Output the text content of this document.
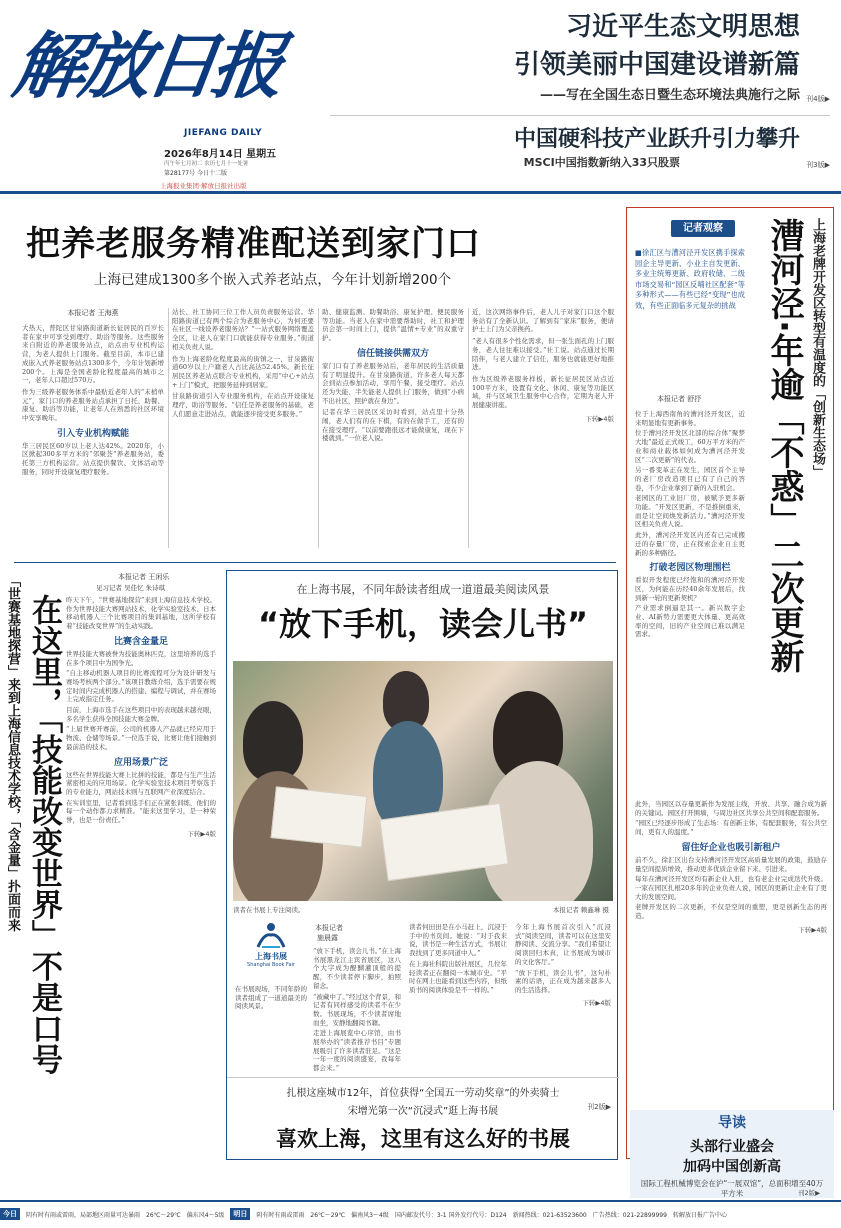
解放日报
JIEFANG DAILY
2026年8月14日 星期五
丙午年七月初二 农历七月十一处暑
第28177号 今日十二版
上海报业集团·解放日报社出版
习近平生态文明思想
引领美丽中国建设谱新篇
——写在全国生态日暨生态环境法典施行之际 刊4版▶
中国硬科技产业跃升引力攀升
MSCI中国指数新纳入33只股票	刊3版▶
把养老服务精准配送到家门口
上海已建成1300多个嵌入式养老站点，今年计划新增200个
本报记者 王海燕
大热天，普陀区甘泉路街道新长征居民的百岁长者在家中可享受到理疗、助浴等服务。这些服务来自附近的养老服务站点，站点由专业机构运营，为老人提供上门服务。截至目前，本市已建成嵌入式养老服务站点1300多个，今年计划新增200个。上海是全国老龄化程度最高的城市之一，老年人口超过570万。
作为三级养老服务体系中最贴近老年人的“末梢单元”，家门口的养老服务站点承担了日托、助餐、康复、助浴等功能，让老年人在熟悉的社区环境中安享晚年。
引入专业机构赋能
华三居民区60岁以上老人达42%。2020年，小区掀起300多平方米的“邻聚荟”养老服务站，委托第三方机构运营。站点提供餐饮、文体活动等服务，同时开设康复理疗服务。
站长、社工协同三位工作人员负责服务运营。华阳路街道已有两个综合为老服务中心，为何还要在社区一线设养老服务站？“一站式服务网络覆盖全区，让老人在家门口就能获得专业服务。”街道相关负责人说。
作为上海老龄化程度最高的街镇之一，甘泉路街道60岁以上户籍老人占比高达52.45%。新长征居民区养老站点联合专业机构，采用“中心+站点+上门”模式，把服务延伸到居家。
甘泉路街道引入专业服务机构，在站点开设康复理疗、助浴等服务。“信任是养老服务的基础，老人们愿意走进站点，就能逐步接受更多服务。”
助、健康监测、助餐助浴、康复护理、便民服务等功能。当老人在家中需要帮助时，社工和护理员会第一时间上门，提供“温情+专业”的双重守护。
信任链接供需双方
家门口有了养老服务站后，老年居民的生活质量有了明显提升。在甘泉路街道，许多老人每天都会到站点参加活动，享用午餐，接受理疗。站点还为失能、半失能老人提供上门服务，做到“小病不出社区，照护就在身边”。
记者在华三居民区采访时看到，站点里十分热闹，老人们有的在下棋，有的在做手工，还有的在接受理疗。“以前要跑很远才能做康复，现在下楼就到。”一位老人说。
近，这次网络事件后，老人儿子对家门口这个服务站有了全新认识。了解到有“家床”服务，便请护士上门为父亲换药。
“老人有很多个性化需求，但一张生面孔的上门服务，老人往往难以接受。”社工说。站点通过长期陪伴，与老人建立了信任，服务也就能更好地推进。
作为区级养老服务样板，新长征居民区站点近100平方米，设置有文化、休闲、康复等功能区域，并与区域卫生服务中心合作，定期为老人开展健康讲座。
下转▶4版
记者观察	上海老牌开发区转型有温度的「创新生态场」
漕河泾·年逾「不惑」二次更新
■徐汇区与漕河泾开发区携手探索园企主导更新、小业主自发更新、多业主统筹更新、政府收储、二级市场交易和“园区反哺社区配套”等多种形式——有些已经“变现”也成效，有些正面临多元复杂的挑战
本报记者 舒抒
位于上海西南角的漕河泾开发区，近来明显地有更新事务。
位于漕河泾开发区北部的综合体“聚梦大地”最近正式竣工，60万平方米的产业和商业载体如何成为漕河泾开发区“二次更新”的代表。
另一番变革正在发生，园区首个主导的老厂房改造项目已有了自己的答卷，不少企业拿到了新的入驻机会。
老园区的工业旧厂房，被赋予更多新功能。“开发区更新，不是推倒重来，而是让空间焕发新活力。”漕河泾开发区相关负责人说。
此外，漕河泾开发区内还有已完成搬迁的存量厂房，正在探索企业自主更新的多种路径。
打破老园区物理围栏
看似开发程度已经饱和的漕河泾开发区，为何能在历经40余年发展后，找到新一轮的更新契机？
产业需求倒逼是其一。新兴数字企业、AI新势力需要更大体量、更高效率的空间，旧的产业空间已难以满足需求。
此外，当园区以存量更新作为发展主线，开放、共享、融合成为新的关键词。园区打开围墙，与周边社区共享公共空间和配套服务。
“园区已经逐步形成了生态场：有创新主体，有配套服务，有公共空间，更有人的温度。”
留住好企业也吸引新租户
前不久，徐汇区出台支持漕河泾开发区高质量发展的政策，鼓励存量空间提质增效，推动更多优质企业留下来、引进来。
每年在漕河泾开发区均有新企业入驻，也有老企业完成迭代升级。一家在园区扎根20多年的企业负责人说，园区的更新让企业有了更大的发展空间。
老牌开发区的二次更新，不仅是空间的重塑，更是创新生态的再造。
下转▶4版
本报记者 王闲乐
见习记者 吴佳忆 朱诗琪
「世赛基地探营」来到上海信息技术学校，「含金量」扑面而来 在这里，「技能改变世界」不是口号 昨天下午，“世赛基地探营”来到上海信息技术学校。作为世界技能大赛网站技术、化学实验室技术、日本移动机器人三个比赛项目的集训基地，这所学校有着“技能改变世界”的生动实践。
比赛含金量足
世界技能大赛被誉为技能奥林匹克，这里培养的选手在多个项目中为国争光。
“自主移动机器人项目的比赛流程可分为设计研发与赛场考核两个部分。”该项目教练介绍，选手需要在规定时间内完成机器人的搭建、编程与调试，并在赛场上完成指定任务。
目前，上海市选手在这些项目中的表现越来越亮眼，多名学生获得全国技能大赛金牌。
“上届世赛开赛前，公司的机器人产品就已经应用于物流、仓储等场景。”一位选手说，比赛让他们接触到最前沿的技术。
应用场景广泛
这些在世界技能大赛上比拼的技能，都是与生产生活紧密相关的应用场景。化学实验室技术项目考察选手的专业能力，网站技术则与互联网产业深度结合。
在实训室里，记者看到选手们正在紧张训练，他们的每一个动作都力求精准。“能来这里学习，是一种荣誉，也是一份责任。”
下转▶4版
在上海书展，不同年龄读者组成一道道最美阅读风景
“放下手机，读会儿书”
读者在书展上专注阅读。	本报记者 赖鑫琳 摄
上海书展
Shanghai Book Fair
本报记者
施晨露
“放下手机，读会儿书。”在上海书展黑龙江主宾省展区，这八个大字成为醍醐灌顶般的提醒，不少读者停下脚步，拍照留念。
“被藏中了。”经过这个背景，和记者有同样感受的读者不在少数。书展现场，不少读者席地而坐，安静地翻阅书籍。
走进上海展览中心序馆，由书展举办的“读者推荐书目”专题展吸引了许多读者驻足。“这是一年一度的阅读盛宴，我每年都会来。”
在书展现场，不同年龄的读者组成了一道道最美的阅读风景。
读者何田田是在小马赶上，沉浸于手中的书页间。她说：“对于我来说，读书是一种生活方式，书展让我找到了更多同道中人。”
在上海社科院出版社展区，几位年轻读者正在翻阅一本城市史。“平时在网上也能看到这些内容，但纸质书的阅读体验是不一样的。”
今年上海书展首次引入“沉浸式”阅读空间，读者可以在这里安静阅读、交流分享。“我们希望让阅读回归本真，让书展成为城市的文化客厅。”
“放下手机，读会儿书”，这句朴素的话语，正在成为越来越多人的生活选择。
下转▶4版
扎根这座城市12年，首位获得“全国五一劳动奖章”的外卖骑士
宋增光第一次“沉浸式”逛上海书展	刊2版▶
喜欢上海，这里有这么好的书展
导读
头部行业盛会
加码中国创新高
国际工程机械博览会在沪“一展双馆”，总面积增至40万平方米	刊2版▶
今日	阴有时有雨或雷雨，局部地区雨量可达暴雨 26℃～29℃ 偏东风4～5级	明日	阴有时有雨或雷雨 26℃～29℃ 偏南风3～4级 国内邮发代号：3-1 国外发行代号：D124 新闻热线：021-63523600 广告热线：021-22899999 转解放日报广告中心
